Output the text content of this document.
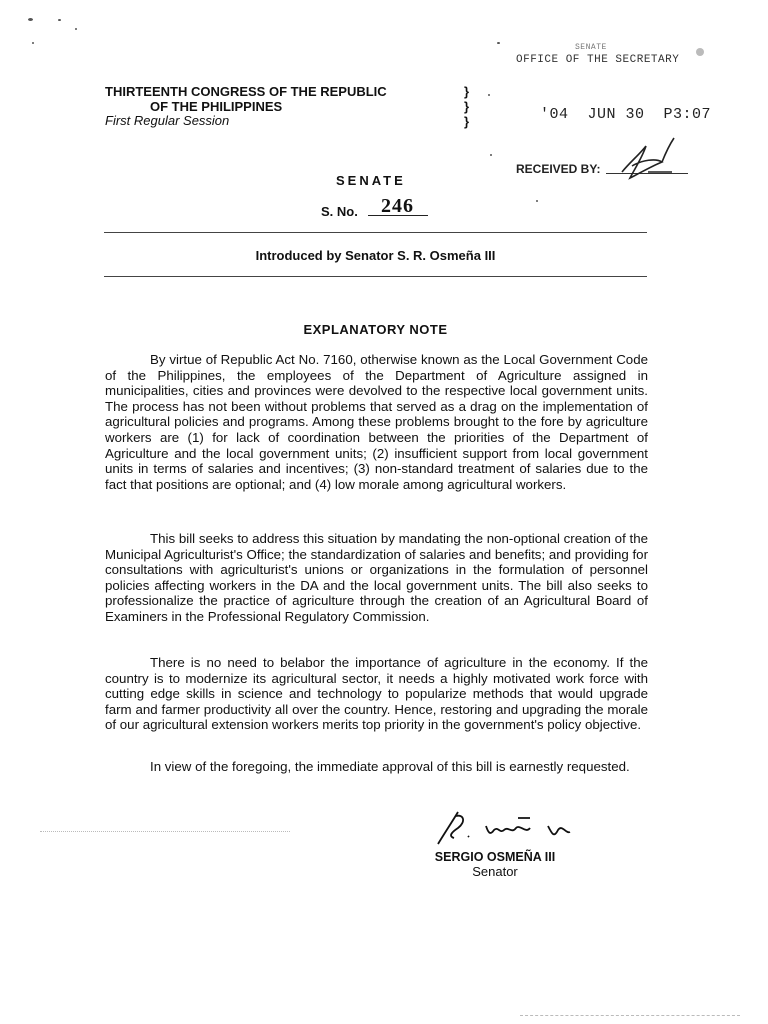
THIRTEENTH CONGRESS OF THE REPUBLIC
OF THE PHILIPPINES
First Regular Session
}
}
}
SENATE
OFFICE OF THE SECRETARY
'04  JUN 30  P3:07
RECEIVED BY:
SENATE
S. No. 246
Introduced by Senator S. R. Osmeña III
EXPLANATORY NOTE

By virtue of Republic Act No. 7160, otherwise known as the Local Government Code of the Philippines, the employees of the Department of Agriculture assigned in municipalities, cities and provinces were devolved to the respective local government units. The process has not been without problems that served as a drag on the implementation of agricultural policies and programs. Among these problems brought to the fore by agriculture workers are (1) for lack of coordination between the priorities of the Department of Agriculture and the local government units; (2) insufficient support from local government units in terms of salaries and incentives; (3) non-standard treatment of salaries due to the fact that positions are optional; and (4) low morale among agricultural workers.

This bill seeks to address this situation by mandating the non-optional creation of the Municipal Agriculturist's Office; the standardization of salaries and benefits; and providing for consultations with agriculturist's unions or organizations in the formulation of personnel policies affecting workers in the DA and the local government units. The bill also seeks to professionalize the practice of agriculture through the creation of an Agricultural Board of Examiners in the Professional Regulatory Commission.

There is no need to belabor the importance of agriculture in the economy. If the country is to modernize its agricultural sector, it needs a highly motivated work force with cutting edge skills in science and technology to popularize methods that would upgrade farm and farmer productivity all over the country. Hence, restoring and upgrading the morale of our agricultural extension workers merits top priority in the government's policy objective.

In view of the foregoing, the immediate approval of this bill is earnestly requested.

SERGIO OSMEÑA III
Senator
